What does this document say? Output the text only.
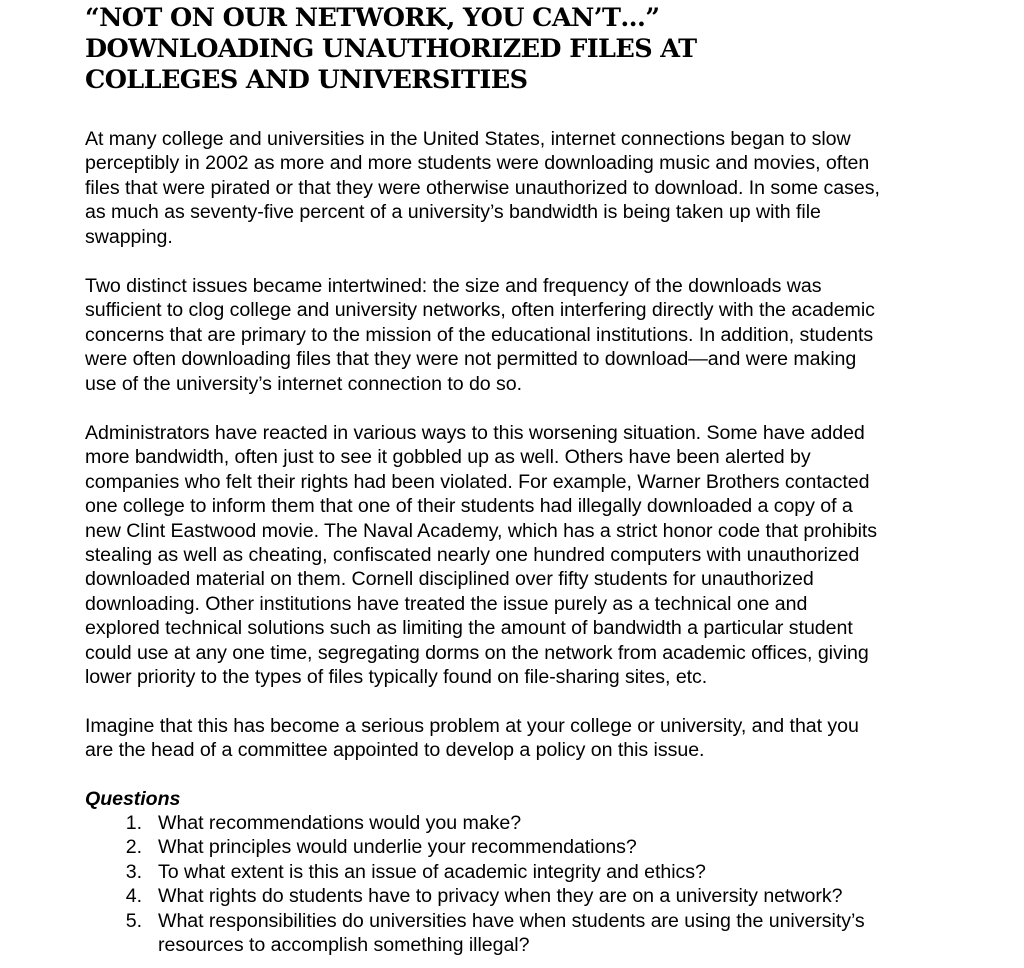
“NOT ON OUR NETWORK, YOU CAN’T…”
DOWNLOADING UNAUTHORIZED FILES AT
COLLEGES AND UNIVERSITIES
At many college and universities in the United States, internet connections began to slow
perceptibly in 2002 as more and more students were downloading music and movies, often
files that were pirated or that they were otherwise unauthorized to download. In some cases,
as much as seventy-five percent of a university’s bandwidth is being taken up with file
swapping.
Two distinct issues became intertwined: the size and frequency of the downloads was
sufficient to clog college and university networks, often interfering directly with the academic
concerns that are primary to the mission of the educational institutions. In addition, students
were often downloading files that they were not permitted to download—and were making
use of the university’s internet connection to do so.
Administrators have reacted in various ways to this worsening situation. Some have added
more bandwidth, often just to see it gobbled up as well. Others have been alerted by
companies who felt their rights had been violated. For example, Warner Brothers contacted
one college to inform them that one of their students had illegally downloaded a copy of a
new Clint Eastwood movie. The Naval Academy, which has a strict honor code that prohibits
stealing as well as cheating, confiscated nearly one hundred computers with unauthorized
downloaded material on them. Cornell disciplined over fifty students for unauthorized
downloading. Other institutions have treated the issue purely as a technical one and
explored technical solutions such as limiting the amount of bandwidth a particular student
could use at any one time, segregating dorms on the network from academic offices, giving
lower priority to the types of files typically found on file-sharing sites, etc.
Imagine that this has become a serious problem at your college or university, and that you
are the head of a committee appointed to develop a policy on this issue.
Questions
1. What recommendations would you make?
2. What principles would underlie your recommendations?
3. To what extent is this an issue of academic integrity and ethics?
4. What rights do students have to privacy when they are on a university network?
5. What responsibilities do universities have when students are using the university’s
resources to accomplish something illegal?
